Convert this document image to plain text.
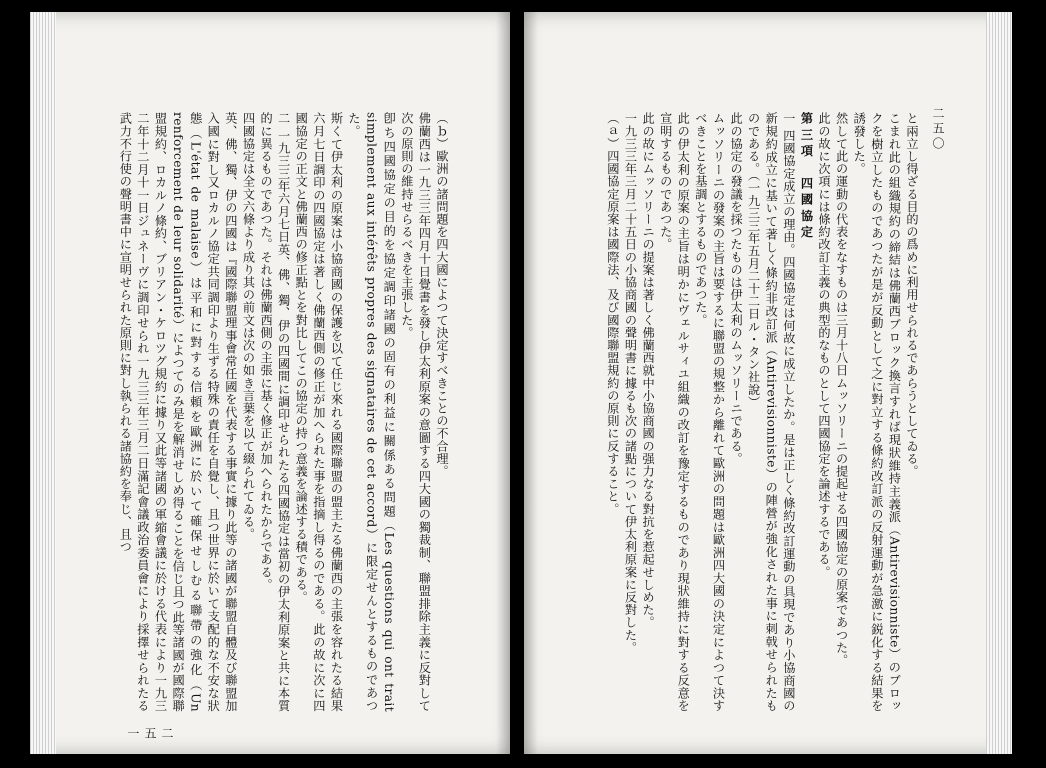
（ｂ）歐洲の諸問題を四大國によつて決定すべきことの不合理。

佛蘭西は一九三三年四月十日覺書を發し伊太利原案の意圖する四大國の獨裁制、聯盟排除主義に反對して次の原則の維持せらるべきを主張した。

卽ち四國協定の目的を協定調印諸國の固有の利益に關係ある問題（Les questions qui ont trait simplement aux intérêts propres des signataires de cet accord）に限定せんとするものであつた。

斯くて伊太利の原案は小協商國の保護を以て任じ來れる國際聯盟の盟主たる佛蘭西の主張を容れたる結果六月七日調印の四國協定は著しく佛蘭西側の修正が加へられた事を指摘し得るのである。此の故に次に四國協定の正文と佛蘭西の修正點とを對比してこの協定の持つ意義を論述する積である。

二 一九三三年六月七日英、佛、獨、伊の四國間に調印せられたる四國協定は當初の伊太利原案と共に本質的に異るものであつた。それは佛蘭西側の主張に基く修正が加へられたからである。

四國協定は全文六條より成り其の前文は次の如き言葉を以て綴られてゐる。

英、佛、獨、伊の四國は『國際聯盟理事會常任國を代表する事實に據り此等の諸國が聯盟自體及び聯盟加入國に對し又ロカルノ協定共同調印より生ずる特殊の責任を自覺し、且つ世界に於いて支配的な不安な狀態（L'état de malaise）は平和に對する信頼を歐洲に於いて確保せしむる聯帶の強化（Un renforcement de leur solidarité）によつてのみ是を解消せしめ得ることを信じ且つ此等諸國が國際聯盟規約、ロカルノ條約、ブリアン・ケロツグ規約に據り又此等諸國の軍縮會議に於ける代表により一九三二年十二月十一日ジュネーヴに調印せられ一九三三年三月二日滿記會議政治委員會により採擇せられたる武力不行使の聲明書中に宣明せられた原則に對し執られる諸協約を奉じ、且つ

二五一

と兩立し得ざる目的の爲めに利用せられるであらうとしてゐる。

こまれ此の組織規約の締結は佛蘭西ブロック換言すれば現狀維持主義派（Antirevisionniste）のブロックを樹立したものであつたが是が反動として之に對立する條約改訂派の反射運動が急激に鋭化する結果を誘發した。

然して此の運動の代表をなすものは三月十八日ムッソリーニの提起せる四國協定の原案であつた。

此の故に次項には條約改訂主義の典型的なものとして四國協定を論述するである。

第三項　四國協定

一 四國協定成立の理由。四國協定は何故に成立したか。是は正しく條約改訂運動の具現であり小協商國の新規約成立に基いて著しく條約非改訂派（Antirevisionniste）の陣營が強化された事に刺戟せられたものである。（一九三三年五月二十二日ル・タン社說）

此の協定の發議を採つたものは伊太利のムッソリーニである。

ムッソリーニの發案の主旨は要するに聯盟の規整から離れて歐洲の問題は歐洲四大國の決定によつて決すべきことを基調とするものであつた。

此の伊太利の原案の主旨は明かにヴェルサィユ組織の改訂を豫定するものであり現狀維持に對する反意を宣明するものであつた。

此の故にムッソリーニの提案は著しく佛蘭西就中小協商國の强力なる對抗を惹起せしめた。

一九三三年三月二十五日の小協商國の聲明書に據るも次の諸點について伊太利原案に反對した。

（ａ）四國協定原案は國際法、及び國際聯盟規約の原則に反すること。	二五〇
